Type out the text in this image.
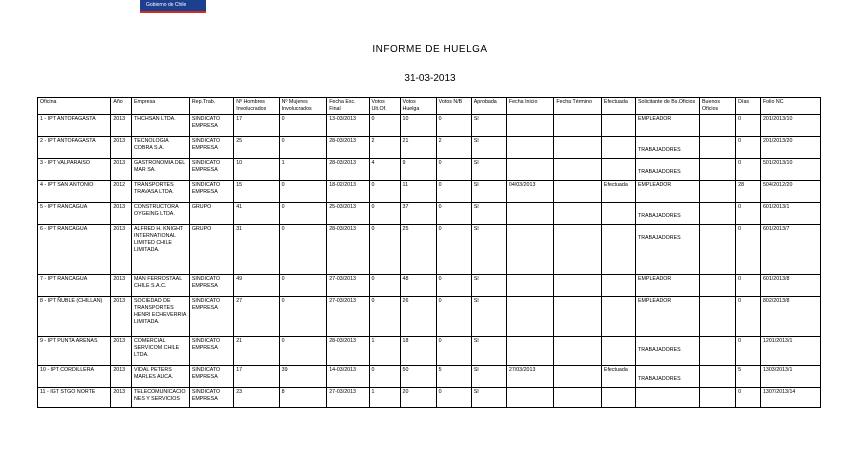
Gobierno de Chile
INFORME DE HUELGA
31-03-2013
Oficina	Año	Empresa	Rep.Trab.	Nº Hombres Involucrados	Nº Mujeres Involucrados	Fecha Exc. Final	Votos Ult.Of.	Votos Huelga	Votos N/B	Aprobada	Fecha Inicio	Fecha Término	Efectuada	Solicitante de Bs.Oficios	Buenos Oficios	Días	Folio NC
1 - IPT ANTOFAGASTA	2013	THCHSAN LTDA.	SINDICATO EMPRESA	17	0	13-03/2013	0	10	0	SI				EMPLEADOR		0	201/2013/10
2 - IPT ANTOFAGASTA	2013	TECNOLOGIA COBRA S.A.	SINDICATO EMPRESA	25	0	28-03/2013	2	21	2	SI				TRABAJADORES		0	201/2013/20
3 - IPT VALPARAISO	2013	GASTRONOMIA DEL MAR SA.	SINDICATO EMPRESA	10	1	28-03/2013	4	9	0	SI				TRABAJADORES		0	501/2013/10
4 - IPT SAN ANTONIO	2012	TRANSPORTES TRAVASA LTDA.	SINDICATO EMPRESA	15	0	18-02/2013	0	11	0	SI	04/03/2013		Efectuada	EMPLEADOR		28	504/2012/20
5 - IPT RANCAGUA	2013	CONSTRUCTORA OYGEING LTDA.	GRUPO	41	0	25-03/2013	0	37	0	SI				TRABAJADORES		0	601/2013/1
6 - IPT RANCAGUA	2013	ALFRED H. KNIGHT INTERNATIONAL LIMITED CHILE LIMITADA.	GRUPO	31	0	28-03/2013	0	25	0	SI				TRABAJADORES		0	601/2013/7
7 - IPT RANCAGUA	2013	MAN FERROSTAAL CHILE S.A.C.	SINDICATO EMPRESA	49	0	27-03/2013	0	48	0	SI				EMPLEADOR		0	601/2013/8
8 - IPT ÑUBLE (CHILLAN)	2013	SOCIEDAD DE TRANSPORTES HENRI ECHEVERRIA LIMITADA.	SINDICATO EMPRESA	27	0	27-03/2013	0	26	0	SI				EMPLEADOR		0	802/2013/8
9 - IPT PUNTA ARENAS	2013	COMERCIAL SERVICOM CHILE LTDA.	SINDICATO EMPRESA	21	0	28-03/2013	1	18	0	SI				TRABAJADORES		0	1201/2013/1
10 - IPT CORDILLERA	2013	VIDAL PETERS MARLES AUCA.	SINDICATO EMPRESA	17	39	14-03/2013	0	50	5	SI	27/03/2013		Efectuada	TRABAJADORES		5	1303/2013/1
11 - IGT STGO NORTE	2013	TELECOMUNICACIONES Y SERVICIOS	SINDICATO EMPRESA	23	8	27-03/2013	1	20	0	SI						0	1307/2013/14
